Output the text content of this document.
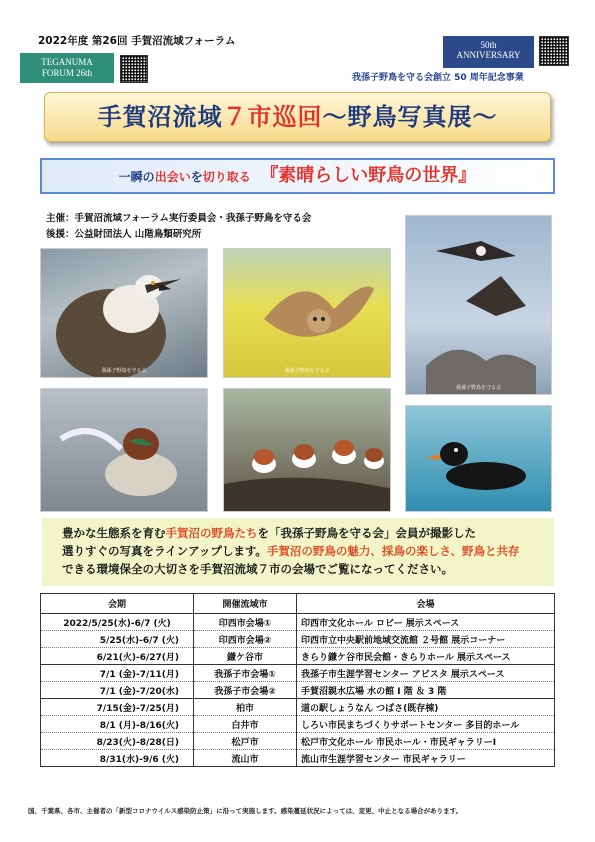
2022年度 第26回 手賀沼流域フォーラム
TEGANUMA
FORUM 26th
50th
ANNIVERSARY
我孫子野鳥を守る会創立 50 周年記念事業
手賀沼流域７市巡回～野鳥写真展～
一瞬の出会いを切り取る 『素晴らしい野鳥の世界』
主催：手賀沼流域フォーラム実行委員会・我孫子野鳥を守る会
後援：公益財団法人 山階鳥類研究所
我孫子野鳥を守る会	我孫子野鳥を守る会
我孫子野鳥を守る会
豊かな生態系を育む手賀沼の野鳥たちを「我孫子野鳥を守る会」会員が撮影した
選りすぐの写真をラインアップします。手賀沼の野鳥の魅力、採鳥の楽しさ、野鳥と共存
できる環境保全の大切さを手賀沼流域７市の会場でご覧になってください。
会期	開催流域市	会場
2022/5/25(水)-6/7 (火)	印西市会場①	印西市文化ホール ロビー 展示スペース
5/25(水)-6/7 (火)	印西市会場②	印西市立中央駅前地域交流館 ２号館 展示コーナー
6/21(火)-6/27(月)	鎌ケ谷市	きらり鎌ケ谷市民会館・きらりホール 展示スペース
7/1 (金)-7/11(月)	我孫子市会場①	我孫子市生涯学習センター アビスタ 展示スペース
7/1 (金)-7/20(水)	我孫子市会場②	手賀沼親水広場 水の館 I 階 ＆ 3 階
7/15(金)-7/25(月)	柏市	道の駅しょうなん つばさ(既存棟)
8/1 (月)-8/16(火)	白井市	しろい市民まちづくりサポートセンター 多目的ホール
8/23(火)-8/28(日)	松戸市	松戸市文化ホール 市民ホール・市民ギャラリーI
8/31(水)-9/6 (火)	流山市	流山市生涯学習センター 市民ギャラリー
国、千葉県、各市、主催者の「新型コロナウイルス感染防止策」に沿って実施します。感染蔓延状況によっては、変更、中止となる場合があります。
